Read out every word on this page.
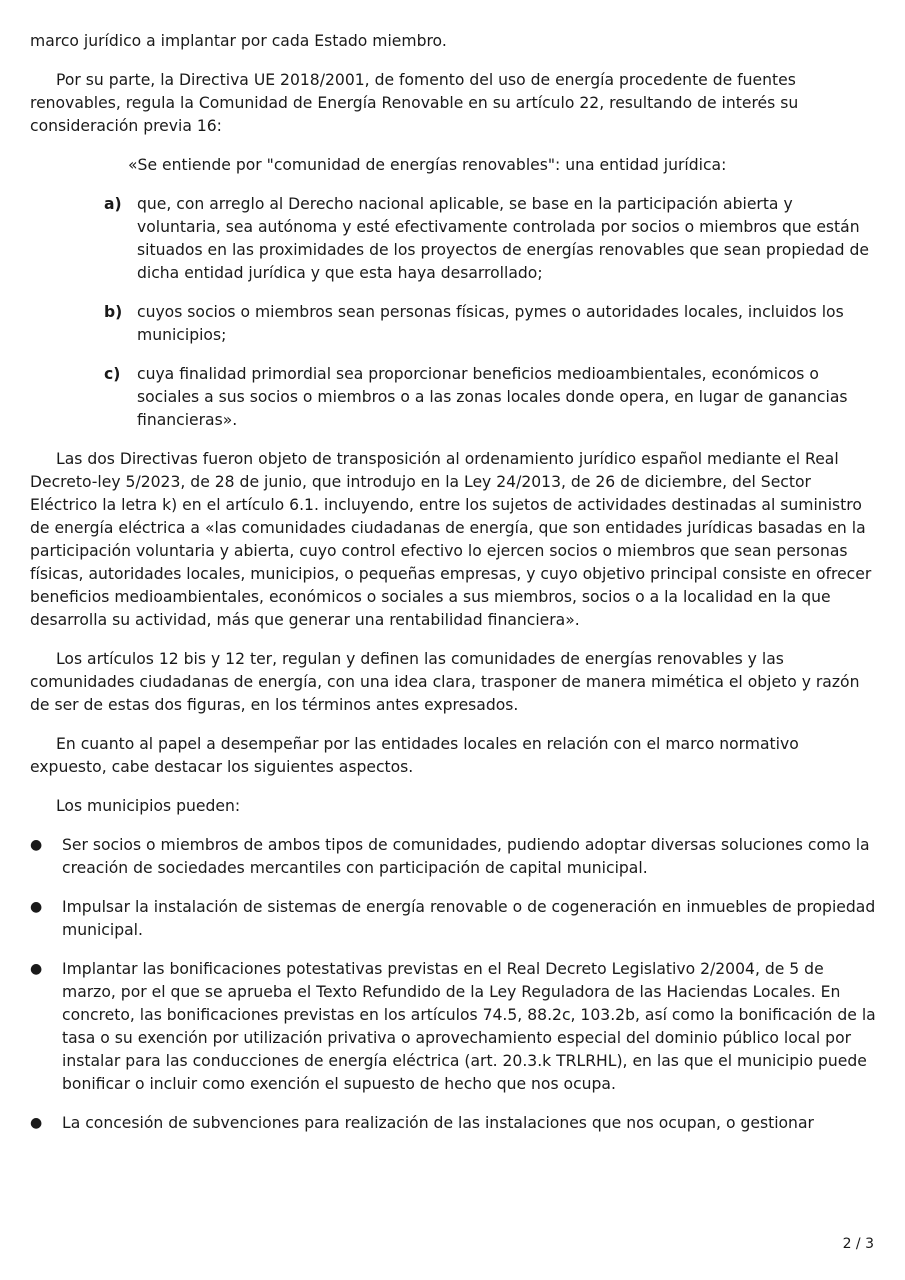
marco jurídico a implantar por cada Estado miembro.

Por su parte, la Directiva UE 2018/2001, de fomento del uso de energía procedente de fuentes renovables, regula la Comunidad de Energía Renovable en su artículo 22, resultando de interés su consideración previa 16:

«Se entiende por "comunidad de energías renovables": una entidad jurídica:

a) que, con arreglo al Derecho nacional aplicable, se base en la participación abierta y voluntaria, sea autónoma y esté efectivamente controlada por socios o miembros que están situados en las proximidades de los proyectos de energías renovables que sean propiedad de dicha entidad jurídica y que esta haya desarrollado;
b) cuyos socios o miembros sean personas físicas, pymes o autoridades locales, incluidos los municipios;
c) cuya finalidad primordial sea proporcionar beneficios medioambientales, económicos o sociales a sus socios o miembros o a las zonas locales donde opera, en lugar de ganancias financieras».

Las dos Directivas fueron objeto de transposición al ordenamiento jurídico español mediante el Real Decreto-ley 5/2023, de 28 de junio, que introdujo en la Ley 24/2013, de 26 de diciembre, del Sector Eléctrico la letra k) en el artículo 6.1. incluyendo, entre los sujetos de actividades destinadas al suministro de energía eléctrica a «las comunidades ciudadanas de energía, que son entidades jurídicas basadas en la participación voluntaria y abierta, cuyo control efectivo lo ejercen socios o miembros que sean personas físicas, autoridades locales, municipios, o pequeñas empresas, y cuyo objetivo principal consiste en ofrecer beneficios medioambientales, económicos o sociales a sus miembros, socios o a la localidad en la que desarrolla su actividad, más que generar una rentabilidad financiera».

Los artículos 12 bis y 12 ter, regulan y definen las comunidades de energías renovables y las comunidades ciudadanas de energía, con una idea clara, trasponer de manera mimética el objeto y razón de ser de estas dos figuras, en los términos antes expresados.

En cuanto al papel a desempeñar por las entidades locales en relación con el marco normativo expuesto, cabe destacar los siguientes aspectos.

Los municipios pueden:

● Ser socios o miembros de ambos tipos de comunidades, pudiendo adoptar diversas soluciones como la creación de sociedades mercantiles con participación de capital municipal.
● Impulsar la instalación de sistemas de energía renovable o de cogeneración en inmuebles de propiedad municipal.
● Implantar las bonificaciones potestativas previstas en el Real Decreto Legislativo 2/2004, de 5 de marzo, por el que se aprueba el Texto Refundido de la Ley Reguladora de las Haciendas Locales. En concreto, las bonificaciones previstas en los artículos 74.5, 88.2c, 103.2b, así como la bonificación de la tasa o su exención por utilización privativa o aprovechamiento especial del dominio público local por instalar para las conducciones de energía eléctrica (art. 20.3.k TRLRHL), en las que el municipio puede bonificar o incluir como exención el supuesto de hecho que nos ocupa.
● La concesión de subvenciones para realización de las instalaciones que nos ocupan, o gestionar
2 / 3
